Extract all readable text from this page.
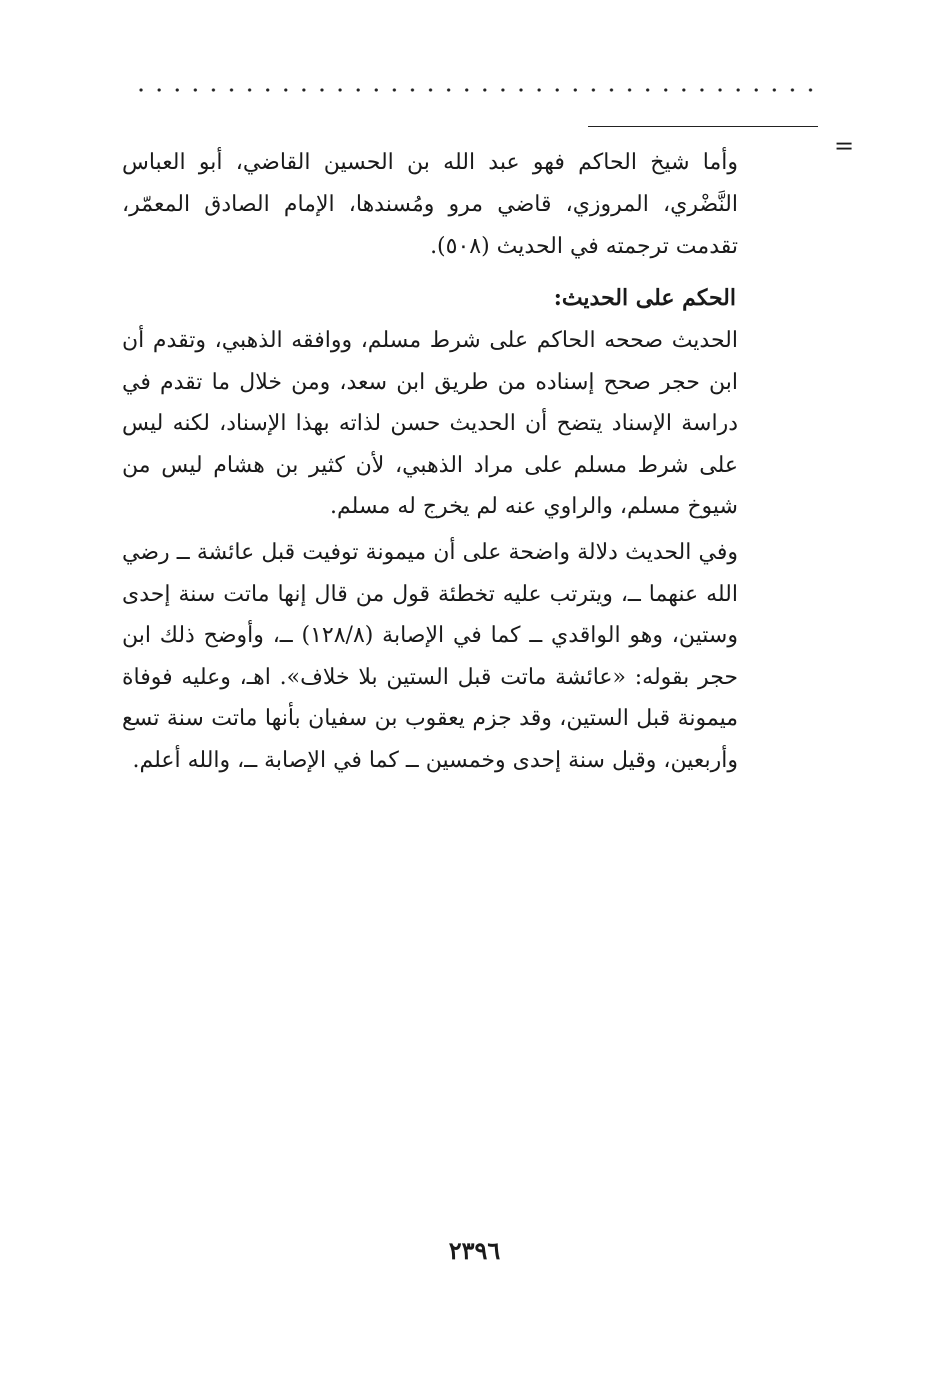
=

وأما شيخ الحاكم فهو عبد الله بن الحسين القاضي، أبو العباس النَّضْري، المروزي، قاضي مرو ومُسندها، الإمام الصادق المعمّر، تقدمت ترجمته في الحديث (٥٠٨).

الحكم على الحديث:

الحديث صححه الحاكم على شرط مسلم، ووافقه الذهبي، وتقدم أن ابن حجر صحح إسناده من طريق ابن سعد، ومن خلال ما تقدم في دراسة الإسناد يتضح أن الحديث حسن لذاته بهذا الإسناد، لكنه ليس على شرط مسلم على مراد الذهبي، لأن كثير بن هشام ليس من شيوخ مسلم، والراوي عنه لم يخرج له مسلم.

وفي الحديث دلالة واضحة على أن ميمونة توفيت قبل عائشة ــ رضي الله عنهما ــ، ويترتب عليه تخطئة قول من قال إنها ماتت سنة إحدى وستين، وهو الواقدي ــ كما في الإصابة (١٢٨/٨) ــ، وأوضح ذلك ابن حجر بقوله: «عائشة ماتت قبل الستين بلا خلاف». اهـ، وعليه فوفاة ميمونة قبل الستين، وقد جزم يعقوب بن سفيان بأنها ماتت سنة تسع وأربعين، وقيل سنة إحدى وخمسين ــ كما في الإصابة ــ، والله أعلم.

٢٣٩٦
